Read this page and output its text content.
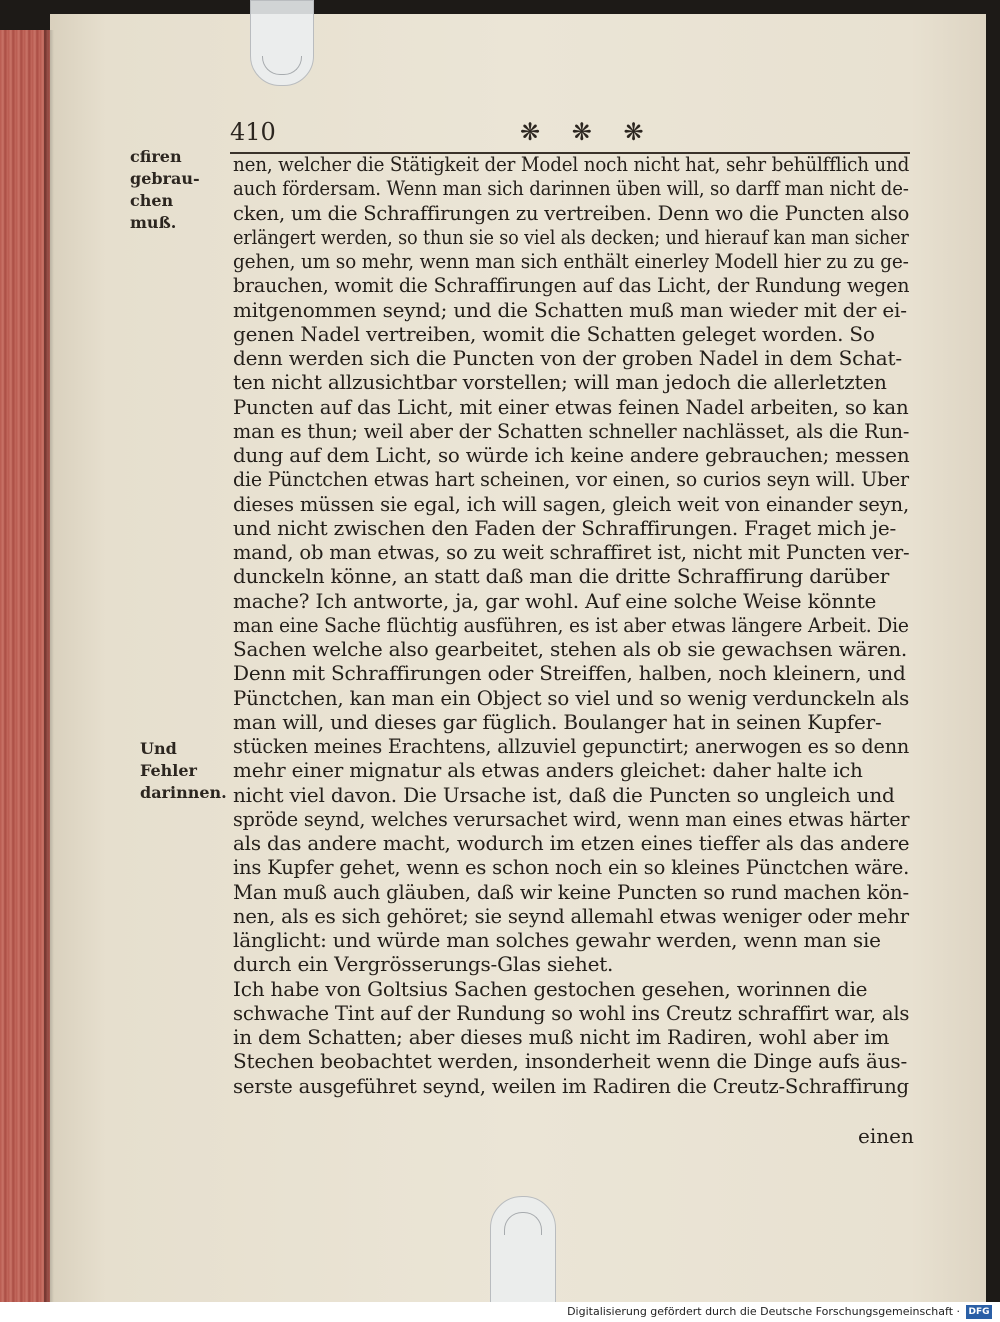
410	❋ ❋ ❋
cfiren
gebrau-
chen muß.
Und Fehler
darinnen.
nen, welcher die Stätigkeit der Model noch nicht hat, sehr behülfflich und
auch fördersam. Wenn man sich darinnen üben will, so darff man nicht de-
cken, um die Schraffirungen zu vertreiben. Denn wo die Puncten also
erlängert werden, so thun sie so viel als decken; und hierauf kan man sicher
gehen, um so mehr, wenn man sich enthält einerley Modell hier zu zu ge-
brauchen, womit die Schraffirungen auf das Licht, der Rundung wegen
mitgenommen seynd; und die Schatten muß man wieder mit der ei-
genen Nadel vertreiben, womit die Schatten geleget worden. So
denn werden sich die Puncten von der groben Nadel in dem Schat-
ten nicht allzusichtbar vorstellen; will man jedoch die allerletzten
Puncten auf das Licht, mit einer etwas feinen Nadel arbeiten, so kan
man es thun; weil aber der Schatten schneller nachlässet, als die Run-
dung auf dem Licht, so würde ich keine andere gebrauchen; messen
die Pünctchen etwas hart scheinen, vor einen, so curios seyn will. Uber
dieses müssen sie egal, ich will sagen, gleich weit von einander seyn,
und nicht zwischen den Faden der Schraffirungen. Fraget mich je-
mand, ob man etwas, so zu weit schraffiret ist, nicht mit Puncten ver-
dunckeln könne, an statt daß man die dritte Schraffirung darüber
mache? Ich antworte, ja, gar wohl. Auf eine solche Weise könnte
man eine Sache flüchtig ausführen, es ist aber etwas längere Arbeit. Die
Sachen welche also gearbeitet, stehen als ob sie gewachsen wären.
Denn mit Schraffirungen oder Streiffen, halben, noch kleinern, und
Pünctchen, kan man ein Object so viel und so wenig verdunckeln als
man will, und dieses gar füglich. Boulanger hat in seinen Kupfer-
stücken meines Erachtens, allzuviel gepunctirt; anerwogen es so denn
mehr einer mignatur als etwas anders gleichet: daher halte ich
nicht viel davon. Die Ursache ist, daß die Puncten so ungleich und
spröde seynd, welches verursachet wird, wenn man eines etwas härter
als das andere macht, wodurch im etzen eines tieffer als das andere
ins Kupfer gehet, wenn es schon noch ein so kleines Pünctchen wäre.
Man muß auch gläuben, daß wir keine Puncten so rund machen kön-
nen, als es sich gehöret; sie seynd allemahl etwas weniger oder mehr
länglicht: und würde man solches gewahr werden, wenn man sie
durch ein Vergrösserungs-Glas siehet.
Ich habe von Goltsius Sachen gestochen gesehen, worinnen die
schwache Tint auf der Rundung so wohl ins Creutz schraffirt war, als
in dem Schatten; aber dieses muß nicht im Radiren, wohl aber im
Stechen beobachtet werden, insonderheit wenn die Dinge aufs äus-
serste ausgeführet seynd, weilen im Radiren die Creutz-Schraffirung
einen
Digitalisierung gefördert durch die Deutsche Forschungsgemeinschaft · DFG
